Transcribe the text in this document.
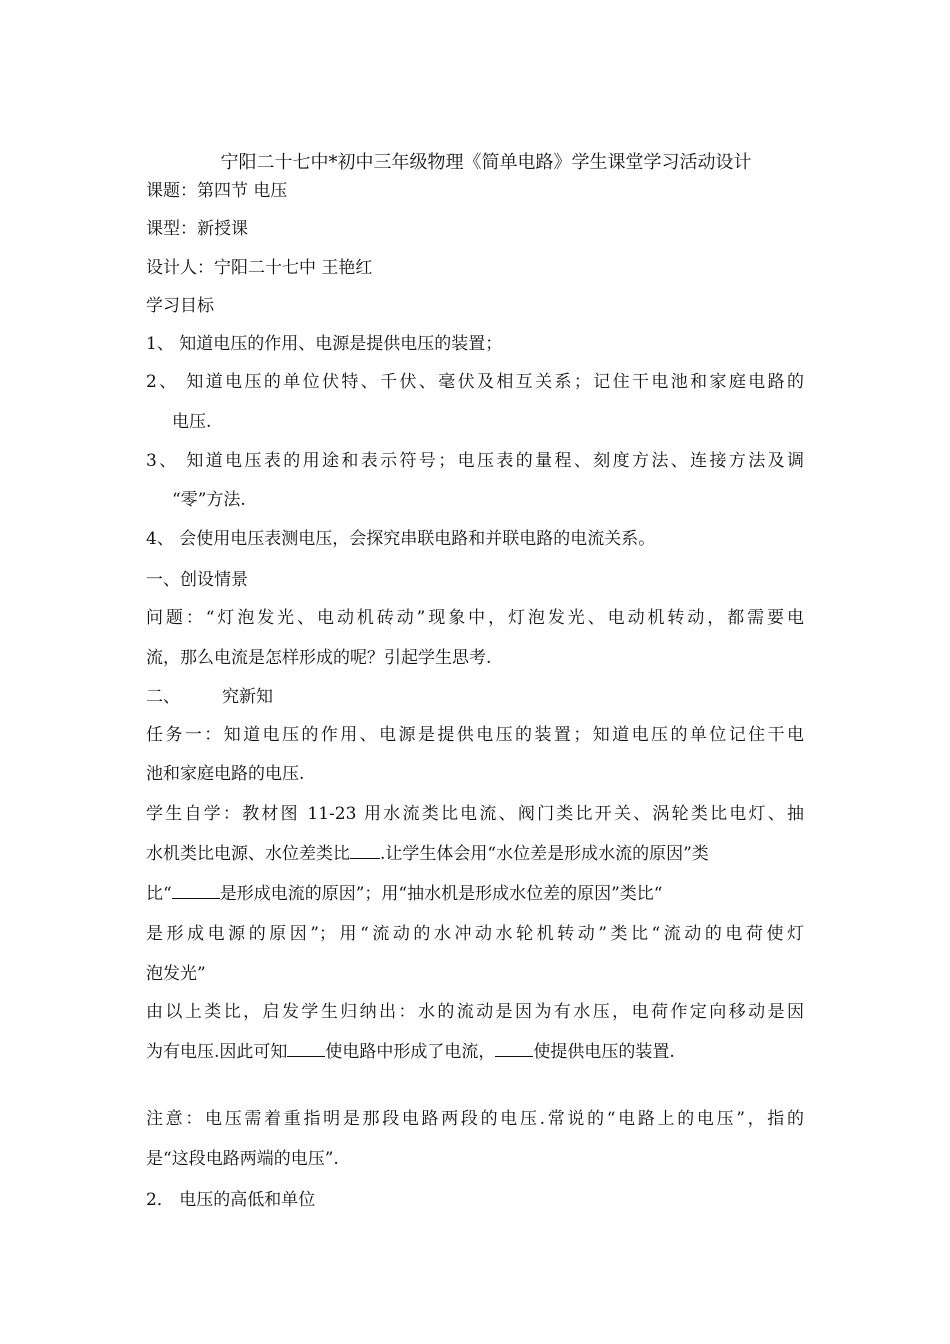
宁阳二十七中*初中三年级物理《简单电路》学生课堂学习活动设计
课题：第四节 电压
课型：新授课
设计人：宁阳二十七中 王艳红
学习目标
1、 知道电压的作用、电源是提供电压的装置；
2、 知道电压的单位伏特、千伏、毫伏及相互关系；记住干电池和家庭电路的
电压.
3、 知道电压表的用途和表示符号；电压表的量程、刻度方法、连接方法及调
“零”方法.
4、 会使用电压表测电压，会探究串联电路和并联电路的电流关系。
一、创设情景
问题：“灯泡发光、电动机砖动”现象中，灯泡发光、电动机转动，都需要电
流，那么电流是怎样形成的呢？引起学生思考.
二、 究新知
任务一：知道电压的作用、电源是提供电压的装置；知道电压的单位记住干电
池和家庭电路的电压.
学生自学：教材图 11-23 用水流类比电流、阀门类比开关、涡轮类比电灯、抽
水机类比电源、水位差类比 .让学生体会用“水位差是形成水流的原因”类
比“	是形成电流的原因”；用“抽水机是形成水位差的原因”类比“
是形成电源的原因”；用“流动的水冲动水轮机转动”类比“流动的电荷使灯
泡发光”
由以上类比，启发学生归纳出：水的流动是因为有水压，电荷作定向移动是因
为有电压.因此可知 使电路中形成了电流， 使提供电压的装置.
注意：电压需着重指明是那段电路两段的电压.常说的“电路上的电压”，指的
是“这段电路两端的电压”.
2． 电压的高低和单位
